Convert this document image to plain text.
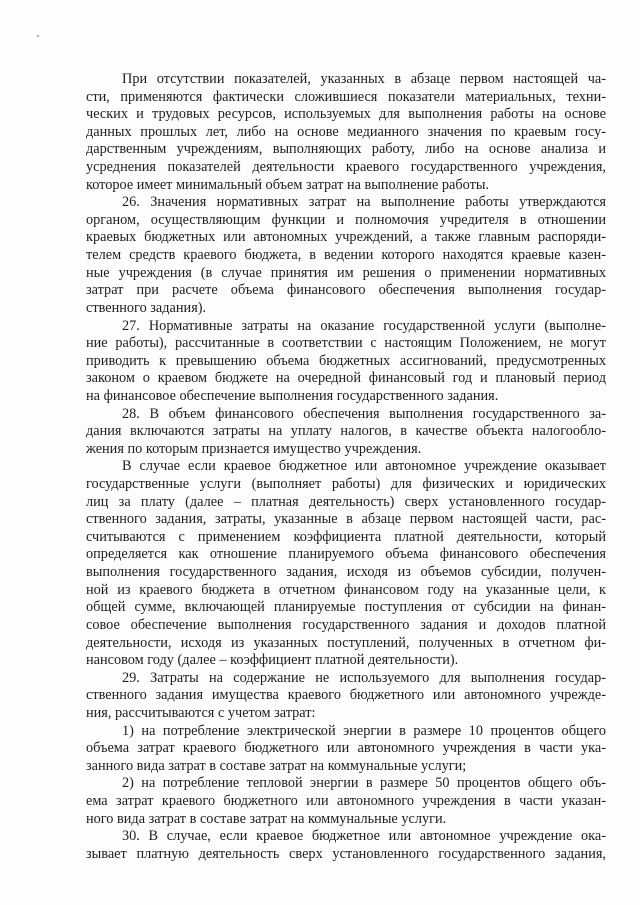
При отсутствии показателей, указанных в абзаце первом настоящей ча-
сти, применяются фактически сложившиеся показатели материальных, техни-
ческих и трудовых ресурсов, используемых для выполнения работы на основе
данных прошлых лет, либо на основе медианного значения по краевым госу-
дарственным учреждениям, выполняющих работу, либо на основе анализа и
усреднения показателей деятельности краевого государственного учреждения,
которое имеет минимальный объем затрат на выполнение работы.
26. Значения нормативных затрат на выполнение работы утверждаются
органом, осуществляющим функции и полномочия учредителя в отношении
краевых бюджетных или автономных учреждений, а также главным распоряди-
телем средств краевого бюджета, в ведении которого находятся краевые казен-
ные учреждения (в случае принятия им решения о применении нормативных
затрат при расчете объема финансового обеспечения выполнения государ-
ственного задания).
27. Нормативные затраты на оказание государственной услуги (выполне-
ние работы), рассчитанные в соответствии с настоящим Положением, не могут
приводить к превышению объема бюджетных ассигнований, предусмотренных
законом о краевом бюджете на очередной финансовый год и плановый период
на финансовое обеспечение выполнения государственного задания.
28. В объем финансового обеспечения выполнения государственного за-
дания включаются затраты на уплату налогов, в качестве объекта налогообло-
жения по которым признается имущество учреждения.
В случае если краевое бюджетное или автономное учреждение оказывает
государственные услуги (выполняет работы) для физических и юридических
лиц за плату (далее – платная деятельность) сверх установленного государ-
ственного задания, затраты, указанные в абзаце первом настоящей части, рас-
считываются с применением коэффициента платной деятельности, который
определяется как отношение планируемого объема финансового обеспечения
выполнения государственного задания, исходя из объемов субсидии, получен-
ной из краевого бюджета в отчетном финансовом году на указанные цели, к
общей сумме, включающей планируемые поступления от субсидии на финан-
совое обеспечение выполнения государственного задания и доходов платной
деятельности, исходя из указанных поступлений, полученных в отчетном фи-
нансовом году (далее – коэффициент платной деятельности).
29. Затраты на содержание не используемого для выполнения государ-
ственного задания имущества краевого бюджетного или автономного учрежде-
ния, рассчитываются с учетом затрат:
1) на потребление электрической энергии в размере 10 процентов общего
объема затрат краевого бюджетного или автономного учреждения в части ука-
занного вида затрат в составе затрат на коммунальные услуги;
2) на потребление тепловой энергии в размере 50 процентов общего объ-
ема затрат краевого бюджетного или автономного учреждения в части указан-
ного вида затрат в составе затрат на коммунальные услуги.
30. В случае, если краевое бюджетное или автономное учреждение ока-
зывает платную деятельность сверх установленного государственного задания,
